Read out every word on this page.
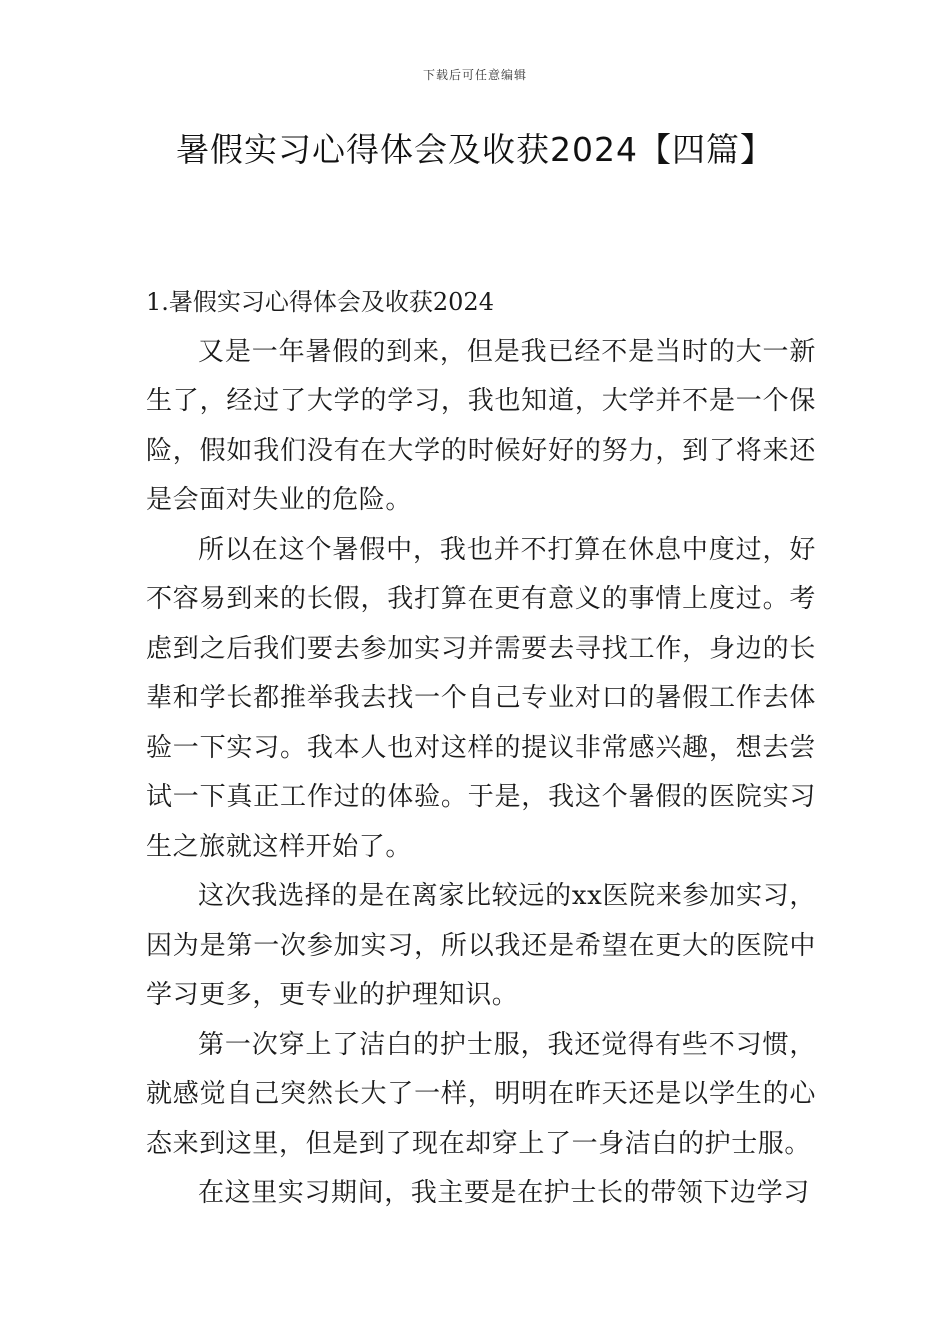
下载后可任意编辑
暑假实习心得体会及收获2024【四篇】
1.暑假实习心得体会及收获2024

又是一年暑假的到来，但是我已经不是当时的大一新生了，经过了大学的学习，我也知道，大学并不是一个保险，假如我们没有在大学的时候好好的努力，到了将来还是会面对失业的危险。

所以在这个暑假中，我也并不打算在休息中度过，好不容易到来的长假，我打算在更有意义的事情上度过。考虑到之后我们要去参加实习并需要去寻找工作，身边的长辈和学长都推举我去找一个自己专业对口的暑假工作去体验一下实习。我本人也对这样的提议非常感兴趣，想去尝试一下真正工作过的体验。于是，我这个暑假的医院实习生之旅就这样开始了。

这次我选择的是在离家比较远的xx医院来参加实习，因为是第一次参加实习，所以我还是希望在更大的医院中学习更多，更专业的护理知识。

第一次穿上了洁白的护士服，我还觉得有些不习惯，就感觉自己突然长大了一样，明明在昨天还是以学生的心态来到这里，但是到了现在却穿上了一身洁白的护士服。

在这里实习期间，我主要是在护士长的带领下边学习
